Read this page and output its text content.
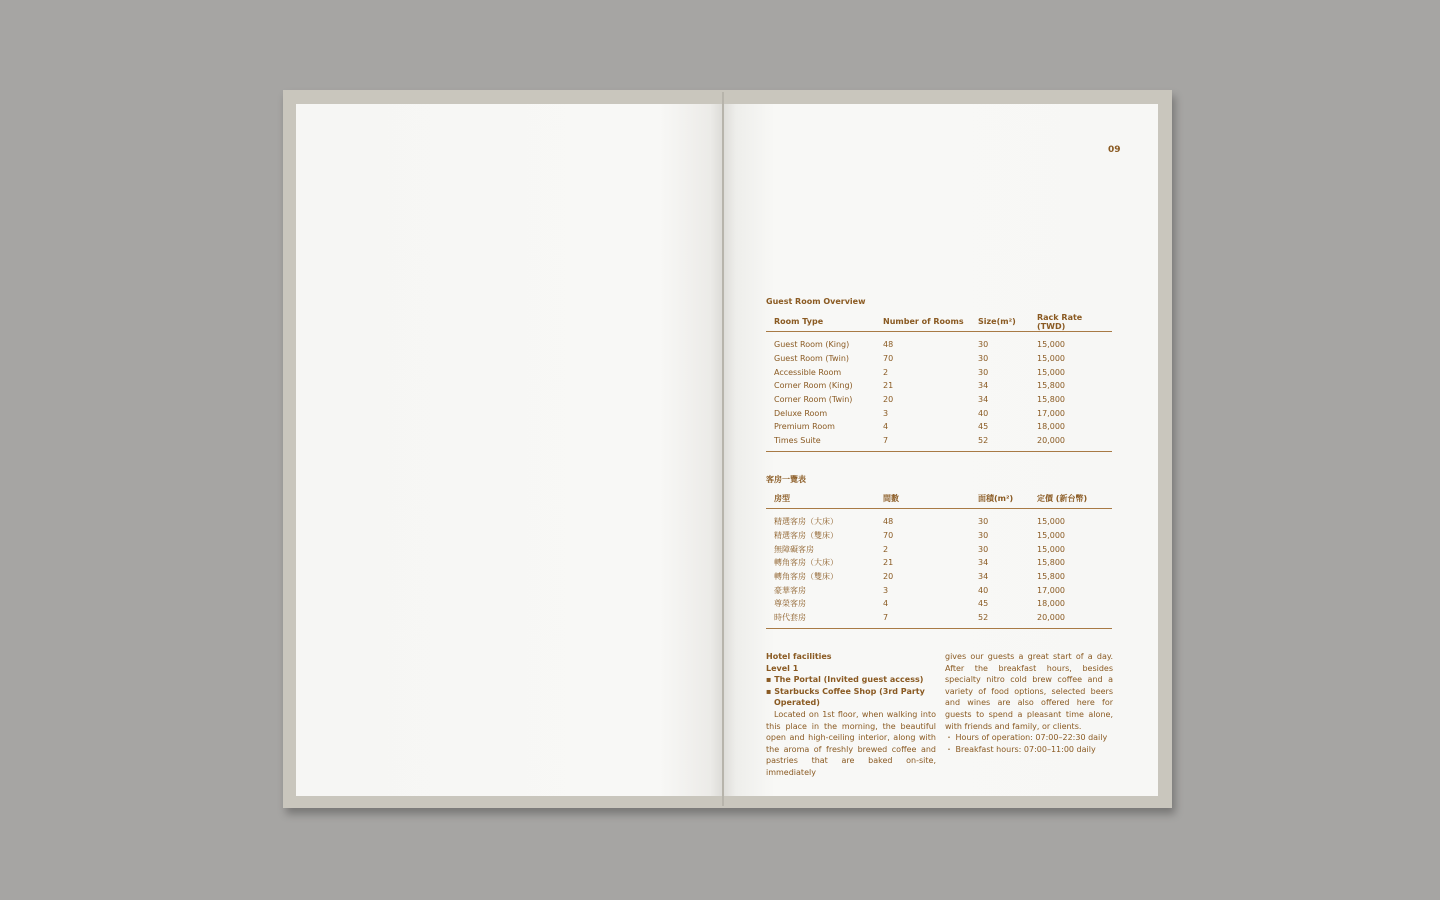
09
Guest Room Overview
Room Type	Number of Rooms	Size(m²)	Rack Rate (TWD)
Guest Room (King)	48	30	15,000
Guest Room (Twin)	70	30	15,000
Accessible Room	2	30	15,000
Corner Room (King)	21	34	15,800
Corner Room (Twin)	20	34	15,800
Deluxe Room	3	40	17,000
Premium Room	4	45	18,000
Times Suite	7	52	20,000
客房一覽表
房型	間數	面積(m²)	定價 (新台幣)
精選客房（大床）	48	30	15,000
精選客房（雙床）	70	30	15,000
無障礙客房	2	30	15,000
轉角客房（大床）	21	34	15,800
轉角客房（雙床）	20	34	15,800
豪華客房	3	40	17,000
尊榮客房	4	45	18,000
時代套房	7	52	20,000
Hotel facilities
Level 1
▪ The Portal (Invited guest access)
▪ Starbucks Coffee Shop (3rd Party Operated)
Located on 1st floor, when walking into this place in the morning, the beautiful open and high-ceiling interior, along with the aroma of freshly brewed coffee and pastries that are baked on-site, immediately
gives our guests a great start of a day. After the breakfast hours, besides specialty nitro cold brew coffee and a variety of food options, selected beers and wines are also offered here for guests to spend a pleasant time alone, with friends and family, or clients.
・ Hours of operation: 07:00–22:30 daily
・ Breakfast hours: 07:00–11:00 daily
